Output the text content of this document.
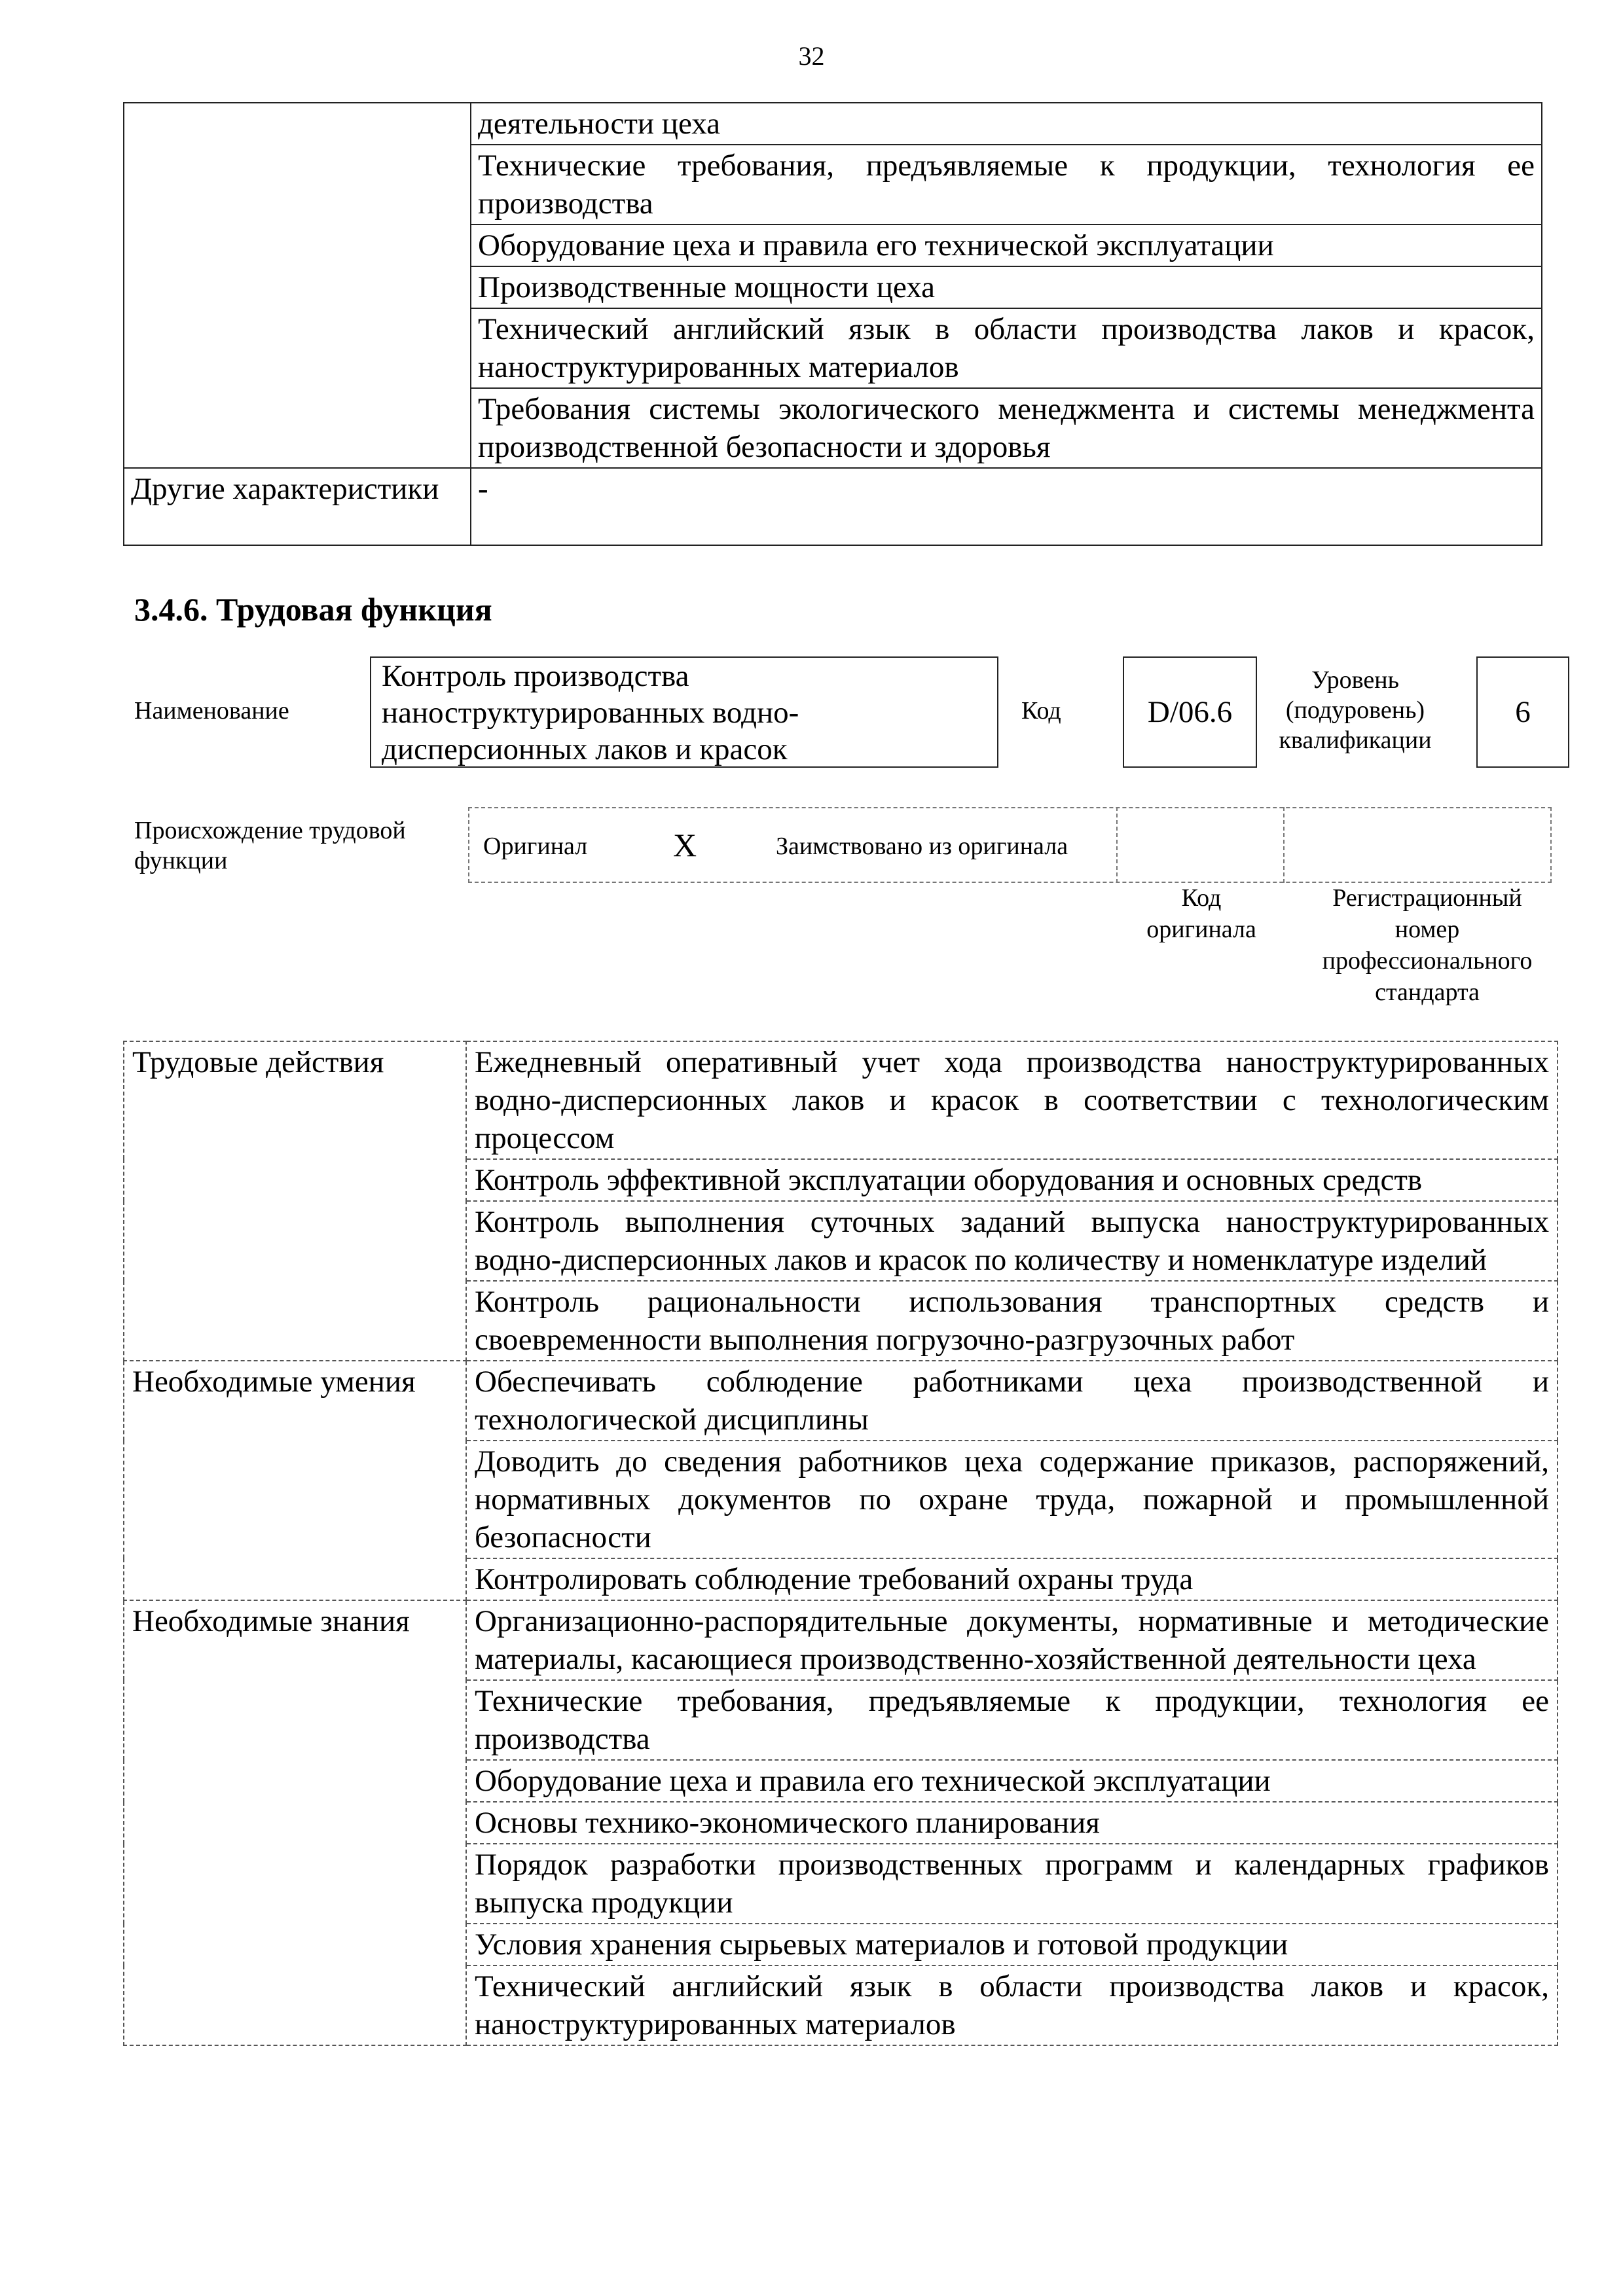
32
	деятельности цеха
	Технические требования, предъявляемые к продукции, технология ее производства
	Оборудование цеха и правила его технической эксплуатации
	Производственные мощности цеха
	Технический английский язык в области производства лаков и красок, наноструктурированных материалов
	Требования системы экологического менеджмента и системы менеджмента производственной безопасности и здоровья
Другие характеристики	-
3.4.6. Трудовая функция
Наименование
Контроль производства наноструктурированных водно-дисперсионных лаков и красок
Код	D/06.6
Уровень (подуровень) квалификации
6
Происхождение трудовой функции
Оригинал	X	Заимствовано из оригинала
Код оригинала
Регистрационный номер профессионального стандарта
Трудовые действия	Ежедневный оперативный учет хода производства наноструктурированных водно-дисперсионных лаков и красок в соответствии с технологическим процессом
	Контроль эффективной эксплуатации оборудования и основных средств
	Контроль выполнения суточных заданий выпуска наноструктурированных водно-дисперсионных лаков и красок по количеству и номенклатуре изделий
	Контроль рациональности использования транспортных средств и своевременности выполнения погрузочно-разгрузочных работ
Необходимые умения	Обеспечивать соблюдение работниками цеха производственной и технологической дисциплины
	Доводить до сведения работников цеха содержание приказов, распоряжений, нормативных документов по охране труда, пожарной и промышленной безопасности
	Контролировать соблюдение требований охраны труда
Необходимые знания	Организационно-распорядительные документы, нормативные и методические материалы, касающиеся производственно-хозяйственной деятельности цеха
	Технические требования, предъявляемые к продукции, технология ее производства
	Оборудование цеха и правила его технической эксплуатации
	Основы технико-экономического планирования
	Порядок разработки производственных программ и календарных графиков выпуска продукции
	Условия хранения сырьевых материалов и готовой продукции
	Технический английский язык в области производства лаков и красок, наноструктурированных материалов
